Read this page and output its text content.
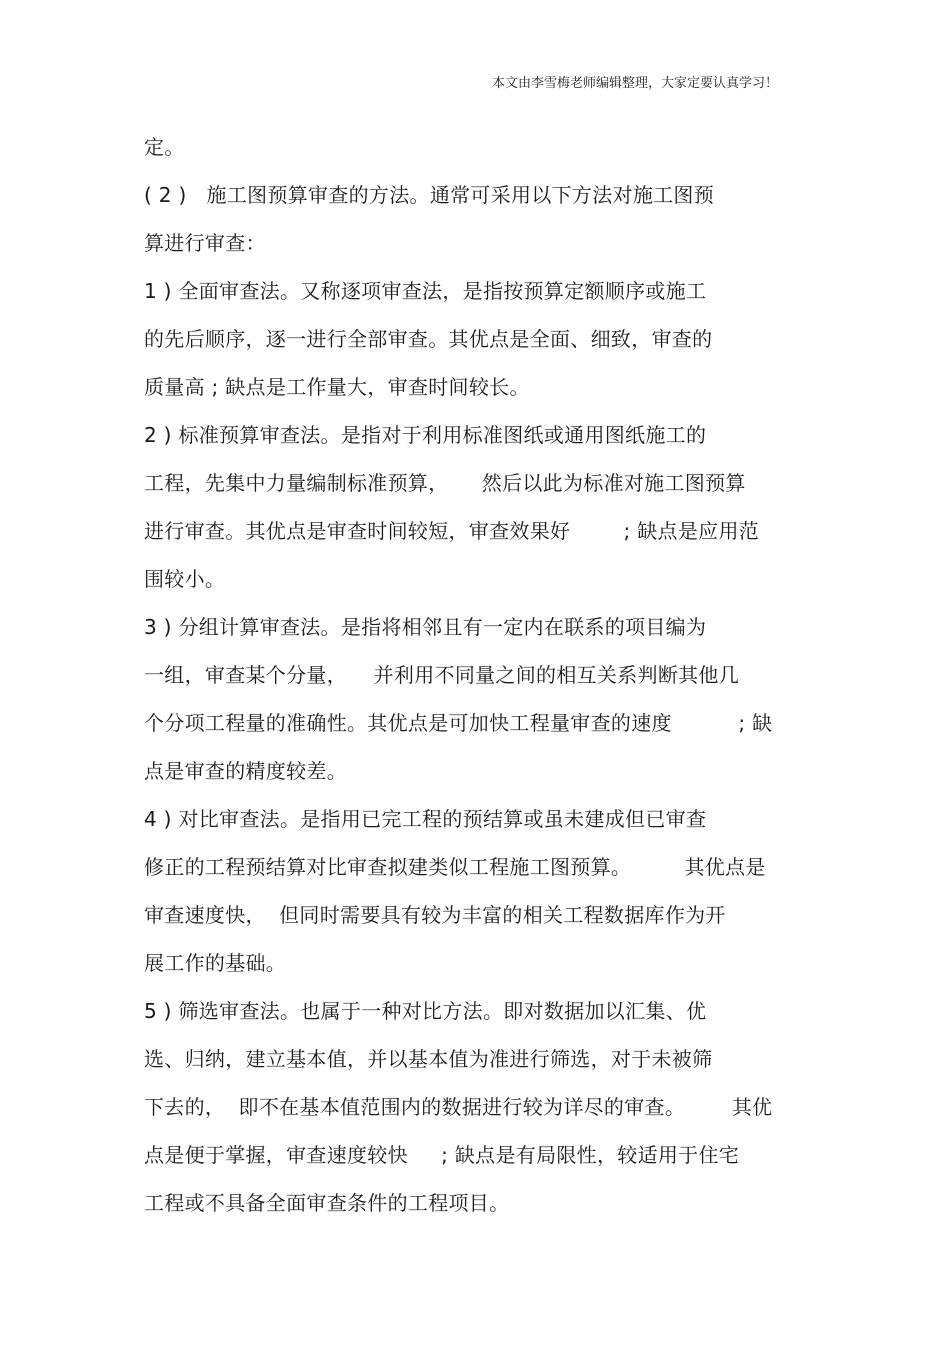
本文由李雪梅老师编辑整理，大家定要认真学习！
定。
( 2 )   施工图预算审查的方法。通常可采用以下方法对施工图预
算进行审查：
1 ) 全面审查法。又称逐项审查法，是指按预算定额顺序或施工
的先后顺序，逐一进行全部审查。其优点是全面、细致，审查的
质量高 ; 缺点是工作量大，审查时间较长。
2 ) 标准预算审查法。是指对于利用标准图纸或通用图纸施工的
工程，先集中力量编制标准预算，     然后以此为标准对施工图预算
进行审查。其优点是审查时间较短，审查效果好        ; 缺点是应用范
围较小。
3 ) 分组计算审查法。是指将相邻且有一定内在联系的项目编为
一组，审查某个分量，    并利用不同量之间的相互关系判断其他几
个分项工程量的准确性。其优点是可加快工程量审查的速度          ; 缺
点是审查的精度较差。
4 ) 对比审查法。是指用已完工程的预结算或虽未建成但已审查
修正的工程预结算对比审查拟建类似工程施工图预算。        其优点是
审查速度快，  但同时需要具有较为丰富的相关工程数据库作为开
展工作的基础。
5 ) 筛选审查法。也属于一种对比方法。即对数据加以汇集、优
选、归纳，建立基本值，并以基本值为准进行筛选，对于未被筛
下去的，  即不在基本值范围内的数据进行较为详尽的审查。       其优
点是便于掌握，审查速度较快     ; 缺点是有局限性，较适用于住宅
工程或不具备全面审查条件的工程项目。
